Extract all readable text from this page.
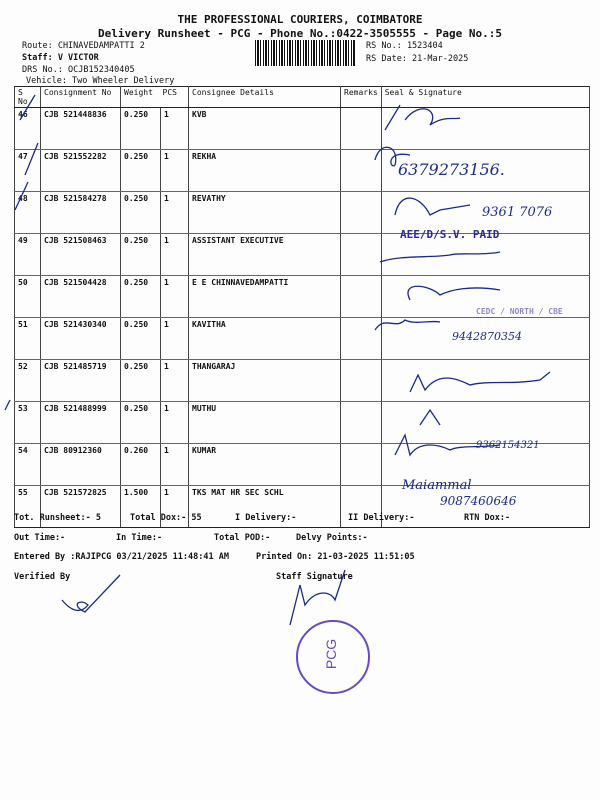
THE PROFESSIONAL COURIERS, COIMBATORE
Delivery Runsheet - PCG - Phone No.:0422-3505555 - Page No.:5
Route: CHINAVEDAMPATTI 2
Staff: V VICTOR
DRS No.: OCJB152340405
Vehicle: Two Wheeler Delivery
RS No.: 1523404
RS Date: 21-Mar-2025
S No	Consignment No	Weight PCS		Consignee Details	Remarks	Seal & Signature
46	CJB 521448836	0.250	1	KVB		
47	CJB 521552282	0.250	1	REKHA		
48	CJB 521584278	0.250	1	REVATHY		
49	CJB 521508463	0.250	1	ASSISTANT EXECUTIVE		
50	CJB 521504428	0.250	1	E E CHINNAVEDAMPATTI		
51	CJB 521430340	0.250	1	KAVITHA		
52	CJB 521485719	0.250	1	THANGARAJ		
53	CJB 521488999	0.250	1	MUTHU		
54	CJB 80912360	0.260	1	KUMAR		
55	CJB 521572825	1.500	1	TKS MAT HR SEC SCHL		
6379273156.
9361 7076
AEE/D/S.V. PAID
CEDC / NORTH / CBE
9442870354
9362154321
Maiammal
9087460646
Tot. Runsheet:- 5	Total Dox:- 55	I Delivery:-	II Delivery:-	RTN Dox:-
Out Time:-	In Time:-	Total POD:-	Delvy Points:-
Entered By :RAJIPCG 03/21/2025 11:48:41 AM	Printed On: 21-03-2025 11:51:05
Verified By	Staff Signature
PCG
